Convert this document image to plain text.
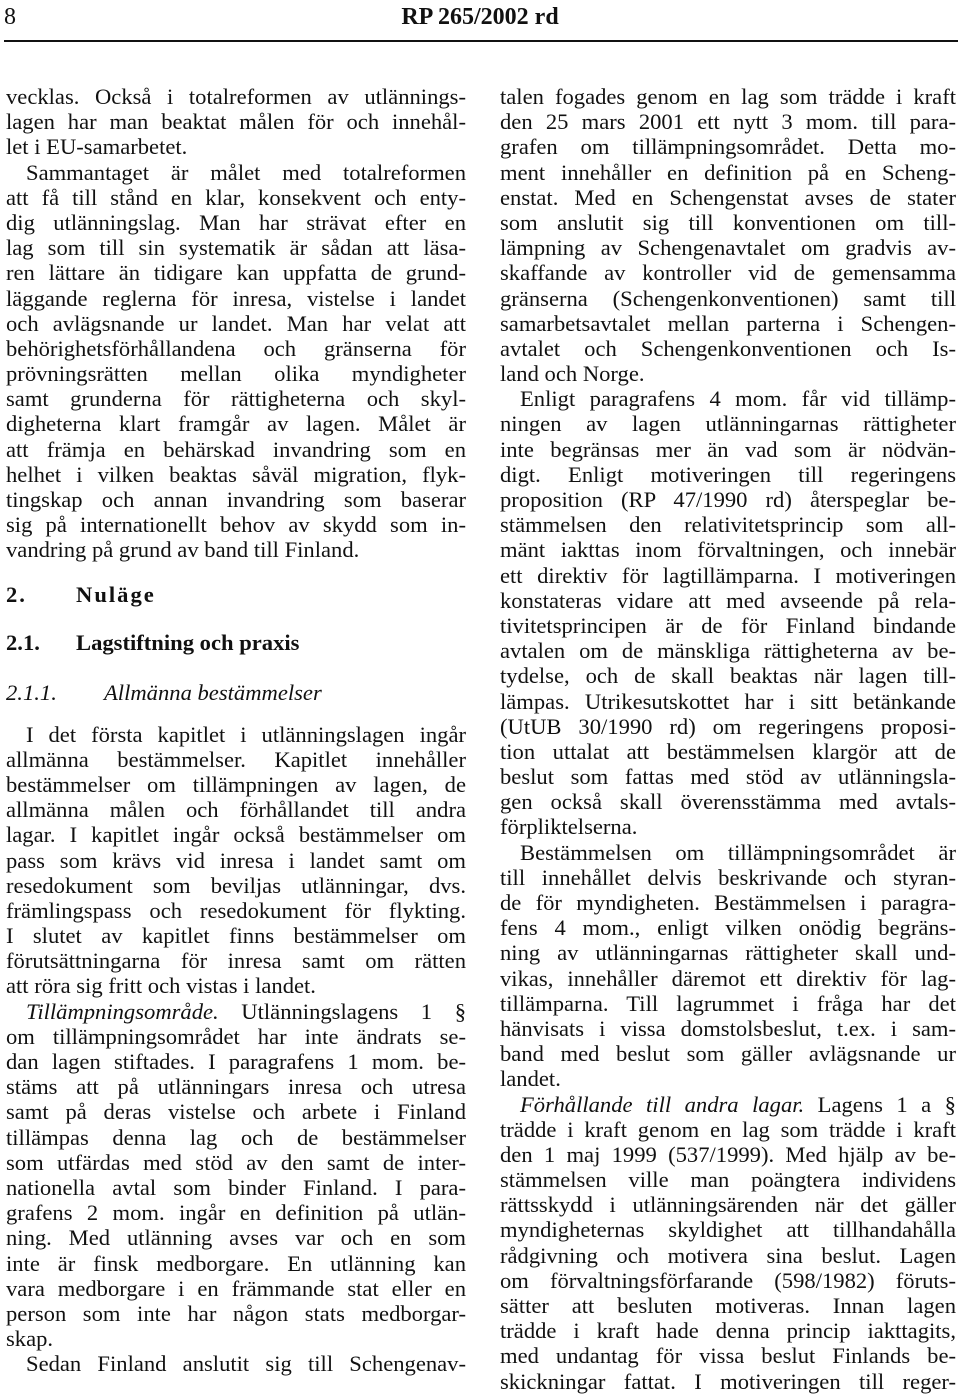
8	RP 265/2002 rd
vecklas. Också i totalreformen av utlännings-
lagen har man beaktat målen för och innehål-
let i EU-samarbetet.
Sammantaget är målet med totalreformen
att få till stånd en klar, konsekvent och enty-
dig utlänningslag. Man har strävat efter en
lag som till sin systematik är sådan att läsa-
ren lättare än tidigare kan uppfatta de grund-
läggande reglerna för inresa, vistelse i landet
och avlägsnande ur landet. Man har velat att
behörighetsförhållandena och gränserna för
prövningsrätten mellan olika myndigheter
samt grunderna för rättigheterna och skyl-
digheterna klart framgår av lagen. Målet är
att främja en behärskad invandring som en
helhet i vilken beaktas såväl migration, flyk-
tingskap och annan invandring som baserar
sig på internationellt behov av skydd som in-
vandring på grund av band till Finland.
2. Nuläge
2.1. Lagstiftning och praxis
2.1.1. Allmänna bestämmelser
I det första kapitlet i utlänningslagen ingår
allmänna bestämmelser. Kapitlet innehåller
bestämmelser om tillämpningen av lagen, de
allmänna målen och förhållandet till andra
lagar. I kapitlet ingår också bestämmelser om
pass som krävs vid inresa i landet samt om
resedokument som beviljas utlänningar, dvs.
främlingspass och resedokument för flykting.
I slutet av kapitlet finns bestämmelser om
förutsättningarna för inresa samt om rätten
att röra sig fritt och vistas i landet.
Tillämpningsområde. Utlänningslagens 1 §
om tillämpningsområdet har inte ändrats se-
dan lagen stiftades. I paragrafens 1 mom. be-
stäms att på utlänningars inresa och utresa
samt på deras vistelse och arbete i Finland
tillämpas denna lag och de bestämmelser
som utfärdas med stöd av den samt de inter-
nationella avtal som binder Finland. I para-
grafens 2 mom. ingår en definition på utlän-
ning. Med utlänning avses var och en som
inte är finsk medborgare. En utlänning kan
vara medborgare i en främmande stat eller en
person som inte har någon stats medborgar-
skap.
Sedan Finland anslutit sig till Schengenav-
talen fogades genom en lag som trädde i kraft
den 25 mars 2001 ett nytt 3 mom. till para-
grafen om tillämpningsområdet. Detta mo-
ment innehåller en definition på en Scheng-
enstat. Med en Schengenstat avses de stater
som anslutit sig till konventionen om till-
lämpning av Schengenavtalet om gradvis av-
skaffande av kontroller vid de gemensamma
gränserna (Schengenkonventionen) samt till
samarbetsavtalet mellan parterna i Schengen-
avtalet och Schengenkonventionen och Is-
land och Norge.
Enligt paragrafens 4 mom. får vid tillämp-
ningen av lagen utlänningarnas rättigheter
inte begränsas mer än vad som är nödvän-
digt. Enligt motiveringen till regeringens
proposition (RP 47/1990 rd) återspeglar be-
stämmelsen den relativitetsprincip som all-
mänt iakttas inom förvaltningen, och innebär
ett direktiv för lagtillämparna. I motiveringen
konstateras vidare att med avseende på rela-
tivitetsprincipen är de för Finland bindande
avtalen om de mänskliga rättigheterna av be-
tydelse, och de skall beaktas när lagen till-
lämpas. Utrikesutskottet har i sitt betänkande
(UtUB 30/1990 rd) om regeringens proposi-
tion uttalat att bestämmelsen klargör att de
beslut som fattas med stöd av utlänningsla-
gen också skall överensstämma med avtals-
förpliktelserna.
Bestämmelsen om tillämpningsområdet är
till innehållet delvis beskrivande och styran-
de för myndigheten. Bestämmelsen i paragra-
fens 4 mom., enligt vilken onödig begräns-
ning av utlänningarnas rättigheter skall und-
vikas, innehåller däremot ett direktiv för lag-
tillämparna. Till lagrummet i fråga har det
hänvisats i vissa domstolsbeslut, t.ex. i sam-
band med beslut som gäller avlägsnande ur
landet.
Förhållande till andra lagar. Lagens 1 a §
trädde i kraft genom en lag som trädde i kraft
den 1 maj 1999 (537/1999). Med hjälp av be-
stämmelsen ville man poängtera individens
rättsskydd i utlänningsärenden när det gäller
myndigheternas skyldighet att tillhandahålla
rådgivning och motivera sina beslut. Lagen
om förvaltningsförfarande (598/1982) föruts-
sätter att besluten motiveras. Innan lagen
trädde i kraft hade denna princip iakttagits,
med undantag för vissa beslut Finlands be-
skickningar fattat. I motiveringen till reger-
